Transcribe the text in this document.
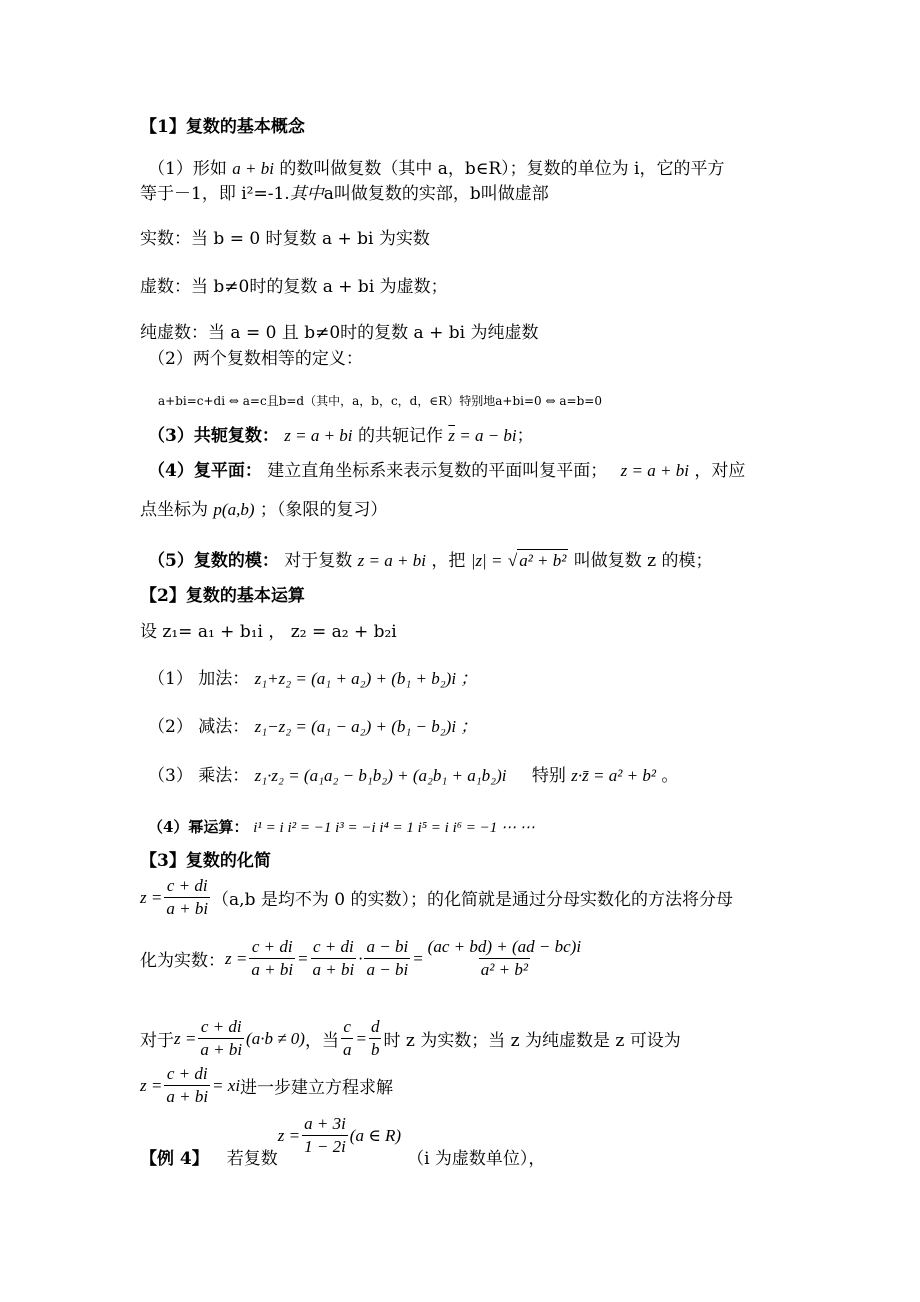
【1】复数的基本概念
（1）形如 a + bi 的数叫做复数（其中 a，b∈R）；复数的单位为 i，它的平方
等于－1，即 i²=-1.其中a叫做复数的实部，b叫做虚部
实数：当 b = 0 时复数 a + bi 为实数
虚数：当 b≠0时的复数 a + bi 为虚数；
纯虚数：当 a = 0 且 b≠0时的复数 a + bi 为纯虚数
（2）两个复数相等的定义：
a+bi=c+di ⇔ a=c且b=d（其中，a，b，c，d，∈R）特别地a+bi=0 ⇔ a=b=0
（3）共轭复数： z = a + bi 的共轭记作 $\overline{z} = a$ − bi；
（4）复平面： 建立直角坐标系来表示复数的平面叫复平面； z = a + bi ，对应
点坐标为 p(a,b) ；（象限的复习）
（5）复数的模： 对于复数 z = a + bi ，把 |z| = √ a² + b² 叫做复数 z 的模；
【2】复数的基本运算
设 z₁= a₁ + b₁i ， z₂ = a₂ + b₂i
（1） 加法： z₁+z₂ = (a₁ + a₂) + (b₁ + b₂)i ；
（2） 减法： z₁−z₂ = (a₁ − a₂) + (b₁ − b₂)i ；
（3） 乘法： z₁·z₂ = (a₁a₂ − b₁b₂) + (a₂b₁ + a₁b₂)i 特别 z·z̄ = a² + b² 。
（4）幂运算： i¹ = i i² = −1 i³ = −i i⁴ = 1 i⁵ = i i⁶ = −1 ⋯ ⋯
【3】复数的化简
$z = \frac{c + di}{a + bi} (a,b$ 是均不为 0 的实数）；的化简就是通过分母实数化的方法将分母
化为实数： $z = \frac{c + di}{a + bi} = \frac{c + di}{a + bi} \cdot \frac{a - bi}{a - bi} = \frac{(ac + bd) + (ad - bc)i}{\text{a² + b²}}$
对于 $z = \frac{c + di}{a + bi} (a\cdot b \ne 0)$ ，当 $\frac{c}{a} = \frac{d}{b}$ 时 z 为实数；当 z 为纯虚数是 z 可设为
$z = \frac{c + di}{a + bi}$ = xi 进一步建立方程求解
【例 4】 若复数
$z = \frac{a + 3i}{1 - 2i} (a$ ∈ R)
（i 为虚数单位），
